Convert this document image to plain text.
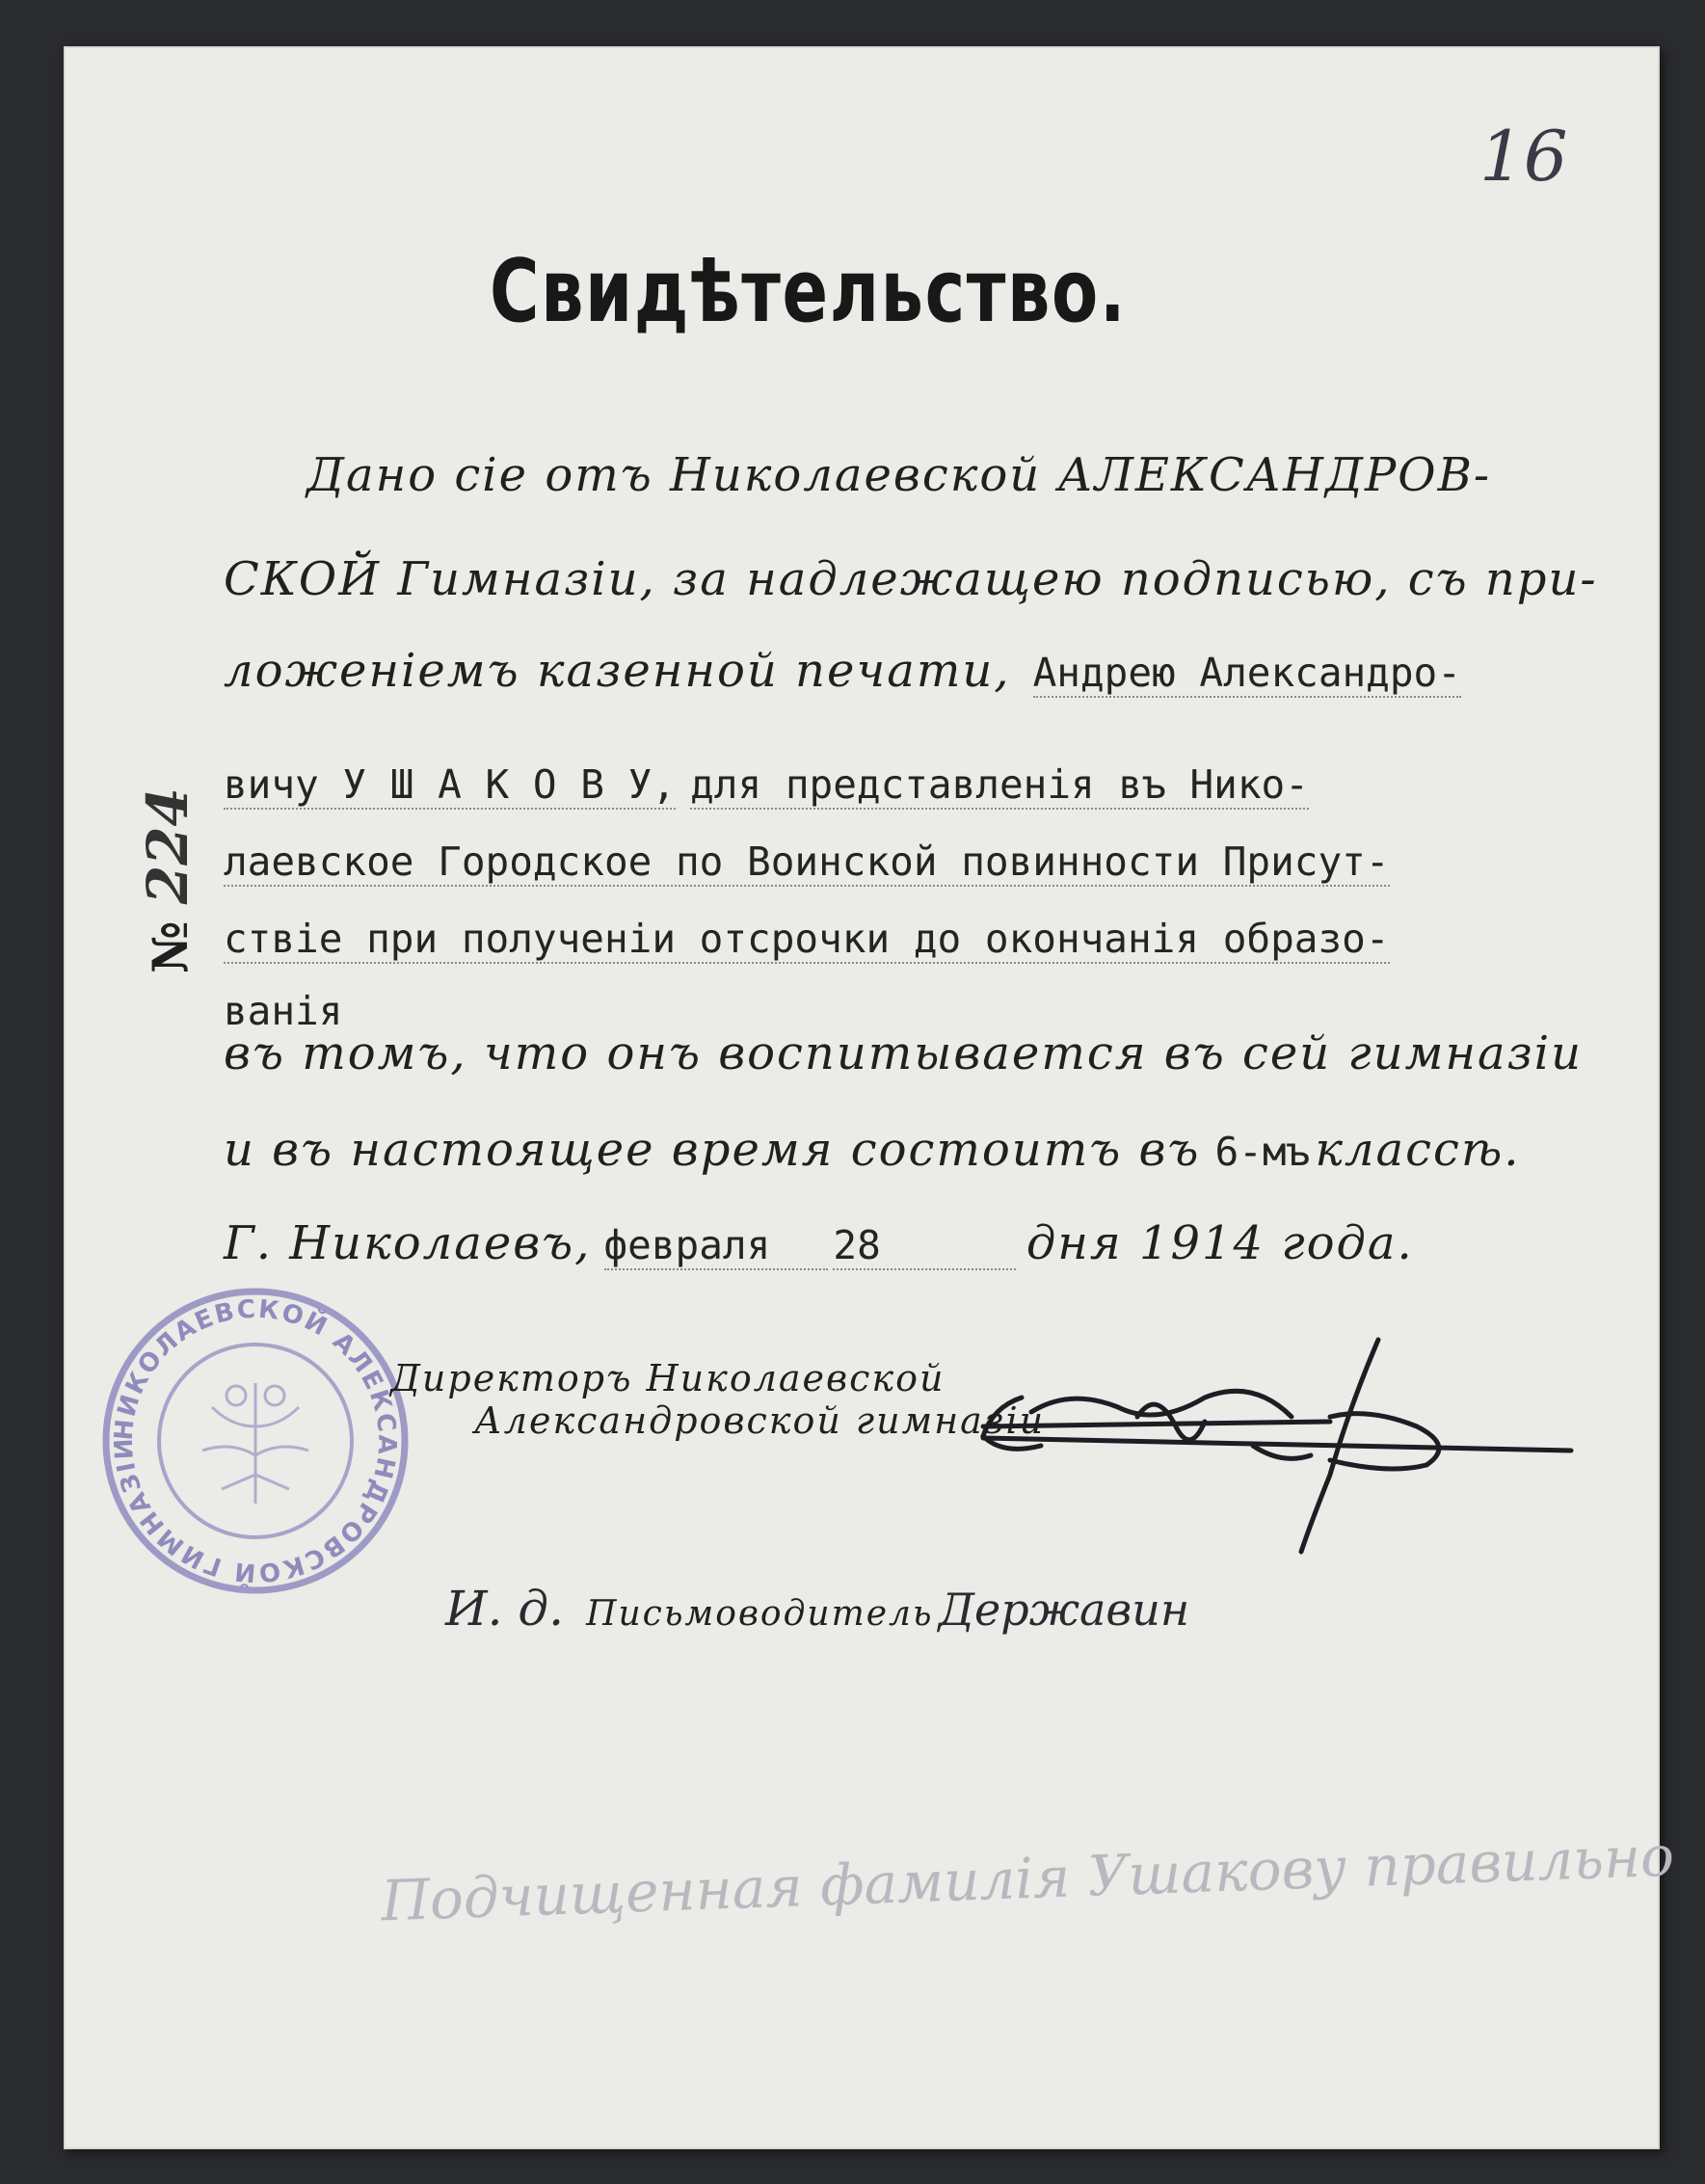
16
Свидѣтельство.
№ 224
Дано сіе отъ Николаевской АЛЕКСАНДРОВ-
СКОЙ Гимназіи, за надлежащею подписью, съ при-
ложеніемъ казенной печати, Андрею Александро-
вичу У Ш А К О В У, для представленія въ Нико-
лаевское Городское по Воинской повинности Присут-
ствіе при полученіи отсрочки до окончанія образо-
ванія
въ томъ, что онъ воспитывается въ сей гимназіи
и въ настоящее время состоитъ въ 6-мъ классѣ.
Г. Николаевъ, февраля 28	дня 1914 года.
НИКОЛАЕВСКОЙ АЛЕКСАНДРОВСКОЙ ГИМНАЗІИ
Директоръ Николаевской
Александровской гимназіи
И. д. Письмоводитель Державин
Подчищенная фамилія Ушакову правильно
